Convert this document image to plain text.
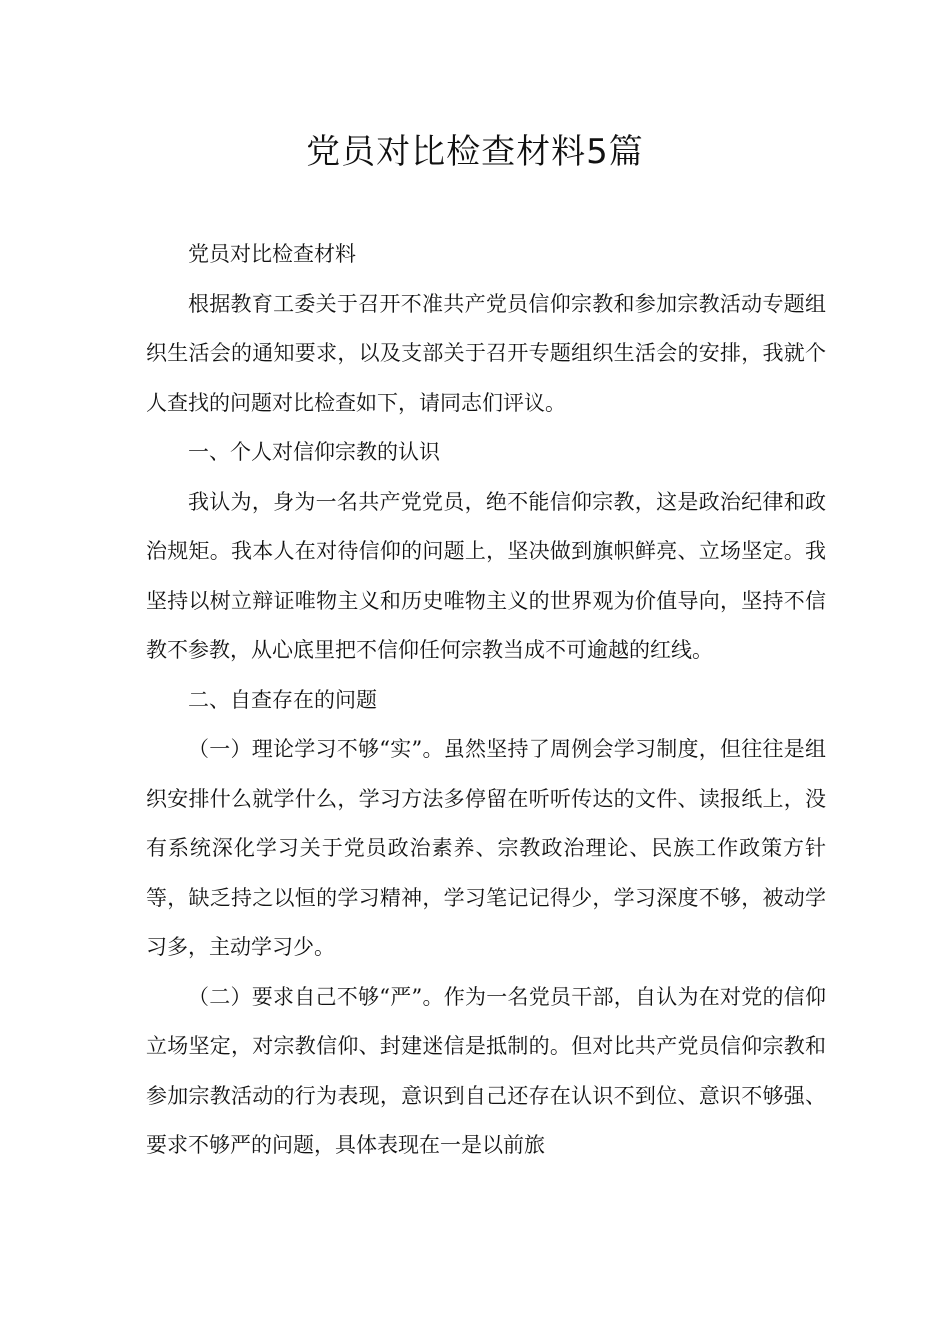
党员对比检查材料5篇

党员对比检查材料

根据教育工委关于召开不准共产党员信仰宗教和参加宗教活动专题组织生活会的通知要求，以及支部关于召开专题组织生活会的安排，我就个人查找的问题对比检查如下，请同志们评议。

一、个人对信仰宗教的认识

我认为，身为一名共产党党员，绝不能信仰宗教，这是政治纪律和政治规矩。我本人在对待信仰的问题上，坚决做到旗帜鲜亮、立场坚定。我坚持以树立辩证唯物主义和历史唯物主义的世界观为价值导向，坚持不信教不参教，从心底里把不信仰任何宗教当成不可逾越的红线。

二、自查存在的问题

（一）理论学习不够“实”。虽然坚持了周例会学习制度，但往往是组织安排什么就学什么，学习方法多停留在听听传达的文件、读报纸上，没有系统深化学习关于党员政治素养、宗教政治理论、民族工作政策方针等，缺乏持之以恒的学习精神，学习笔记记得少，学习深度不够，被动学习多，主动学习少。

（二）要求自己不够“严”。作为一名党员干部，自认为在对党的信仰立场坚定，对宗教信仰、封建迷信是抵制的。但对比共产党员信仰宗教和参加宗教活动的行为表现，意识到自己还存在认识不到位、意识不够强、要求不够严的问题，具体表现在一是以前旅
